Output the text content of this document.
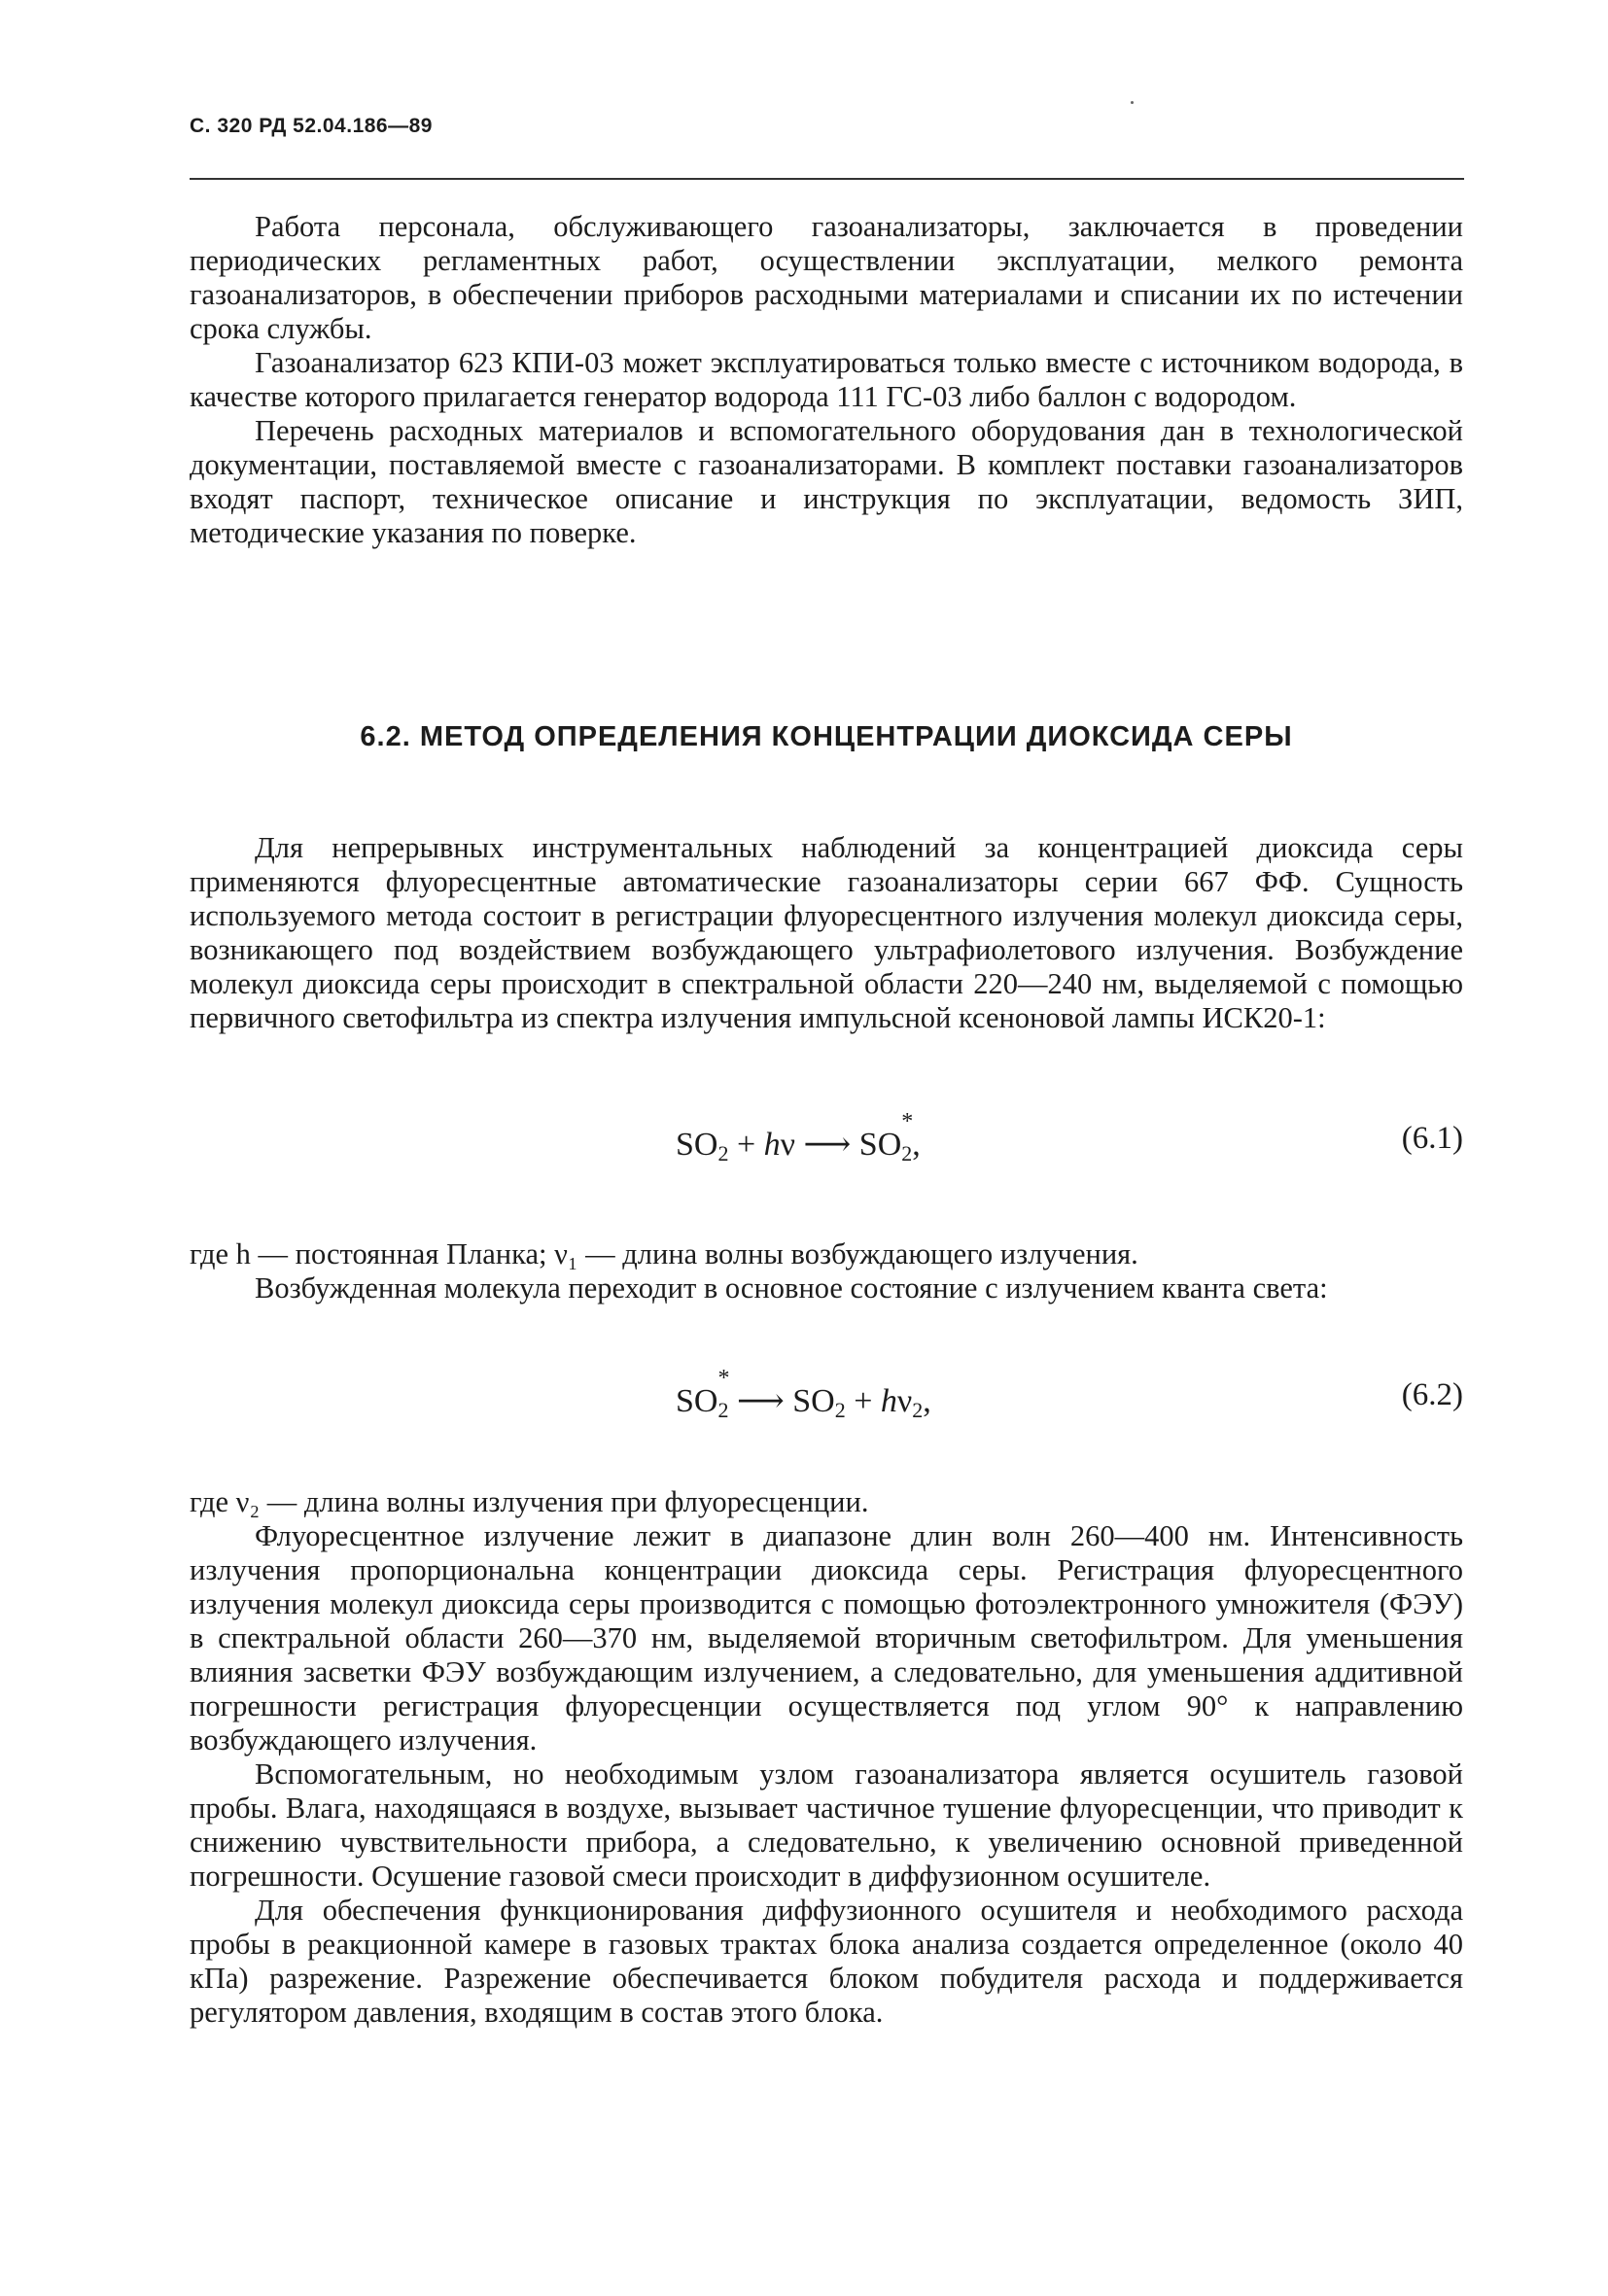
С. 320 РД 52.04.186—89

Работа персонала, обслуживающего газоанализаторы, заключается в проведении периодических регламентных работ, осуществлении эксплуатации, мелкого ремонта газоанализаторов, в обеспечении приборов расходными материалами и списании их по истечении срока службы.

Газоанализатор 623 КПИ-03 может эксплуатироваться только вместе с источником водорода, в качестве которого прилагается генератор водорода 111 ГС-03 либо баллон с водородом.

Перечень расходных материалов и вспомогательного оборудования дан в технологической документации, поставляемой вместе с газоанализаторами. В комплект поставки газоанализаторов входят паспорт, техническое описание и инструкция по эксплуатации, ведомость ЗИП, методические указания по поверке.

6.2. МЕТОД ОПРЕДЕЛЕНИЯ КОНЦЕНТРАЦИИ ДИОКСИДА СЕРЫ

Для непрерывных инструментальных наблюдений за концентрацией диоксида серы применяются флуоресцентные автоматические газоанализаторы серии 667 ФФ. Сущность используемого метода состоит в регистрации флуоресцентного излучения молекул диоксида серы, возникающего под воздействием возбуждающего ультрафиолетового излучения. Возбуждение молекул диоксида серы происходит в спектральной области 220—240 нм, выделяемой с помощью первичного светофильтра из спектра излучения импульсной ксеноновой лампы ИСК20-1:

$SO_2 + h\nu$ ⟶ SO
*
$_2$,	(6.1)

где h — постоянная Планка; ν₁ — длина волны возбуждающего излучения.

Возбужденная молекула переходит в основное состояние с излучением кванта света:

SO
*
$_2$ ⟶ $SO_2 + h\nu_2$,	(6.2)

где ν₂ — длина волны излучения при флуоресценции.

Флуоресцентное излучение лежит в диапазоне длин волн 260—400 нм. Интенсивность излучения пропорциональна концентрации диоксида серы. Регистрация флуоресцентного излучения молекул диоксида серы производится с помощью фотоэлектронного умножителя (ФЭУ) в спектральной области 260—370 нм, выделяемой вторичным светофильтром. Для уменьшения влияния засветки ФЭУ возбуждающим излучением, а следовательно, для уменьшения аддитивной погрешности регистрация флуоресценции осуществляется под углом 90° к направлению возбуждающего излучения.

Вспомогательным, но необходимым узлом газоанализатора является осушитель газовой пробы. Влага, находящаяся в воздухе, вызывает частичное тушение флуоресценции, что приводит к снижению чувствительности прибора, а следовательно, к увеличению основной приведенной погрешности. Осушение газовой смеси происходит в диффузионном осушителе.

Для обеспечения функционирования диффузионного осушителя и необходимого расхода пробы в реакционной камере в газовых трактах блока анализа создается определенное (около 40 кПа) разрежение. Разрежение обеспечивается блоком побудителя расхода и поддерживается регулятором давления, входящим в состав этого блока.
